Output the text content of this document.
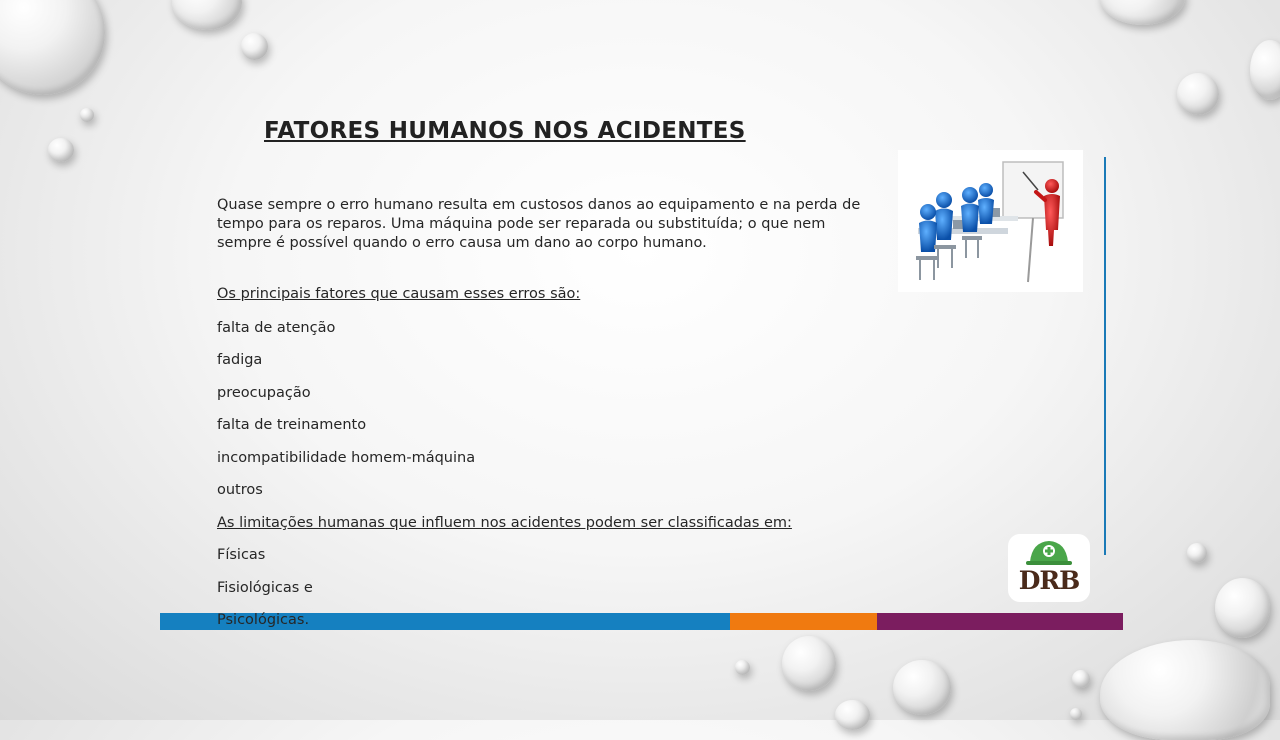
FATORES HUMANOS NOS ACIDENTES

Quase sempre o erro humano resulta em custosos danos ao equipamento e na perda de tempo para os reparos. Uma máquina pode ser reparada ou substituída; o que nem sempre é possível quando o erro causa um dano ao corpo humano.

Os principais fatores que causam esses erros são:
falta de atenção
fadiga
preocupação
falta de treinamento
incompatibilidade homem-máquina
outros
As limitações humanas que influem nos acidentes podem ser classificadas em:
Físicas
Fisiológicas e
Psicológicas.
DRB
